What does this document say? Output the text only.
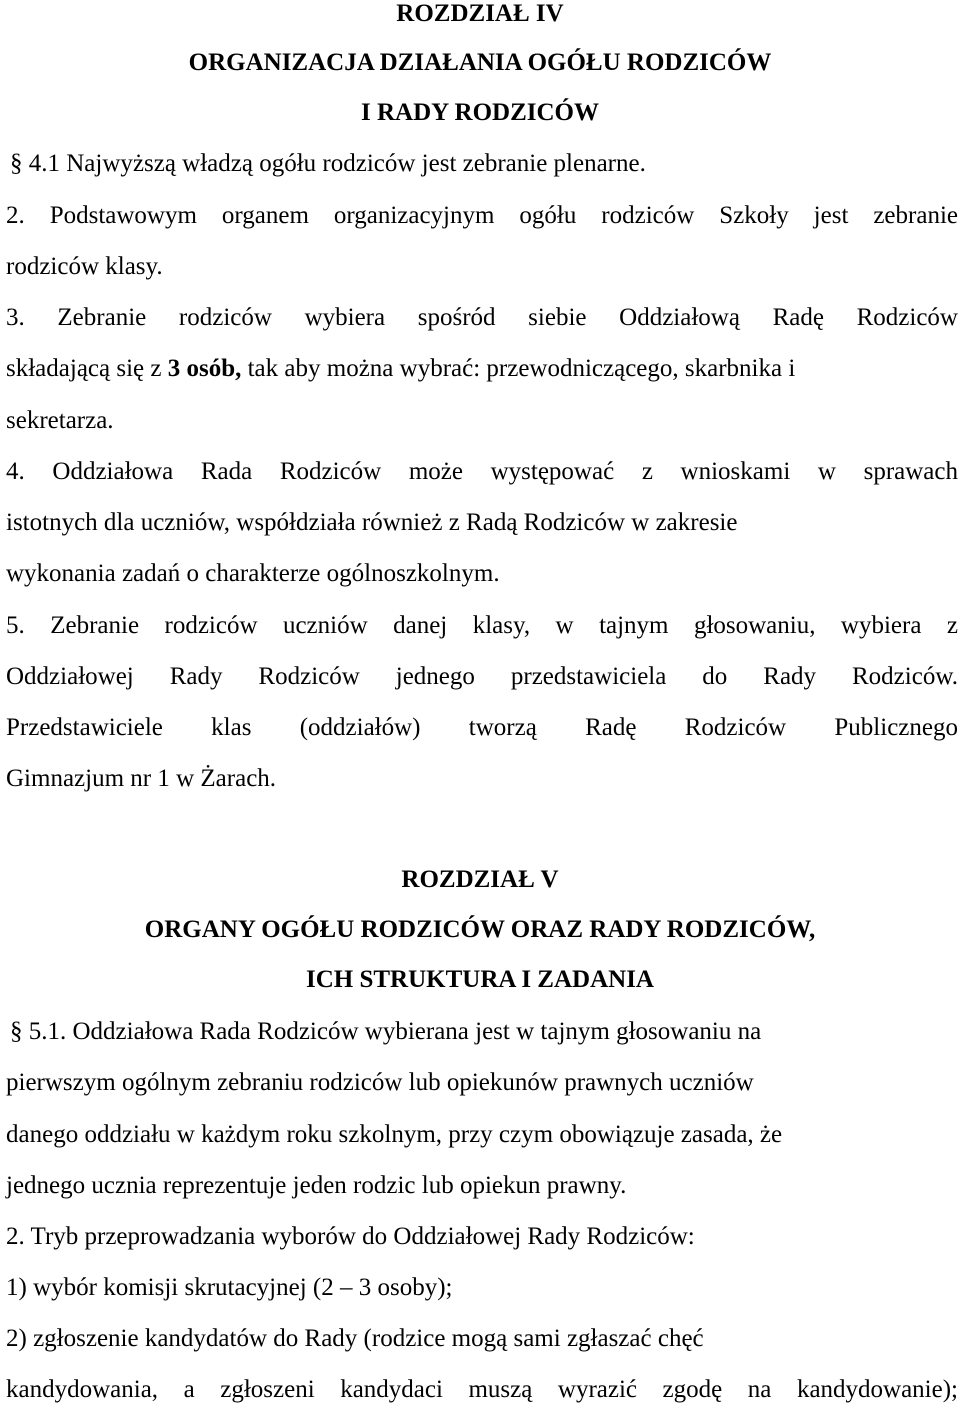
ROZDZIAŁ IV
ORGANIZACJA DZIAŁANIA OGÓŁU RODZICÓW
I RADY RODZICÓW
§ 4.1 Najwyższą władzą ogółu rodziców jest zebranie plenarne.
2. Podstawowym organem organizacyjnym ogółu rodziców Szkoły jest zebranie
rodziców klasy.
3. Zebranie rodziców wybiera spośród siebie Oddziałową Radę Rodziców
składającą się z 3 osób, tak aby można wybrać: przewodniczącego, skarbnika i
sekretarza.
4. Oddziałowa Rada Rodziców może występować z wnioskami w sprawach
istotnych dla uczniów, współdziała również z Radą Rodziców w zakresie
wykonania zadań o charakterze ogólnoszkolnym.
5. Zebranie rodziców uczniów danej klasy, w tajnym głosowaniu, wybiera z
Oddziałowej Rady Rodziców jednego przedstawiciela do Rady Rodziców.
Przedstawiciele klas (oddziałów) tworzą Radę Rodziców Publicznego
Gimnazjum nr 1 w Żarach.
ROZDZIAŁ V
ORGANY OGÓŁU RODZICÓW ORAZ RADY RODZICÓW,
ICH STRUKTURA I ZADANIA
§ 5.1. Oddziałowa Rada Rodziców wybierana jest w tajnym głosowaniu na
pierwszym ogólnym zebraniu rodziców lub opiekunów prawnych uczniów
danego oddziału w każdym roku szkolnym, przy czym obowiązuje zasada, że
jednego ucznia reprezentuje jeden rodzic lub opiekun prawny.
2. Tryb przeprowadzania wyborów do Oddziałowej Rady Rodziców:
1) wybór komisji skrutacyjnej (2 – 3 osoby);
2) zgłoszenie kandydatów do Rady (rodzice mogą sami zgłaszać chęć
kandydowania, a zgłoszeni kandydaci muszą wyrazić zgodę na kandydowanie);
